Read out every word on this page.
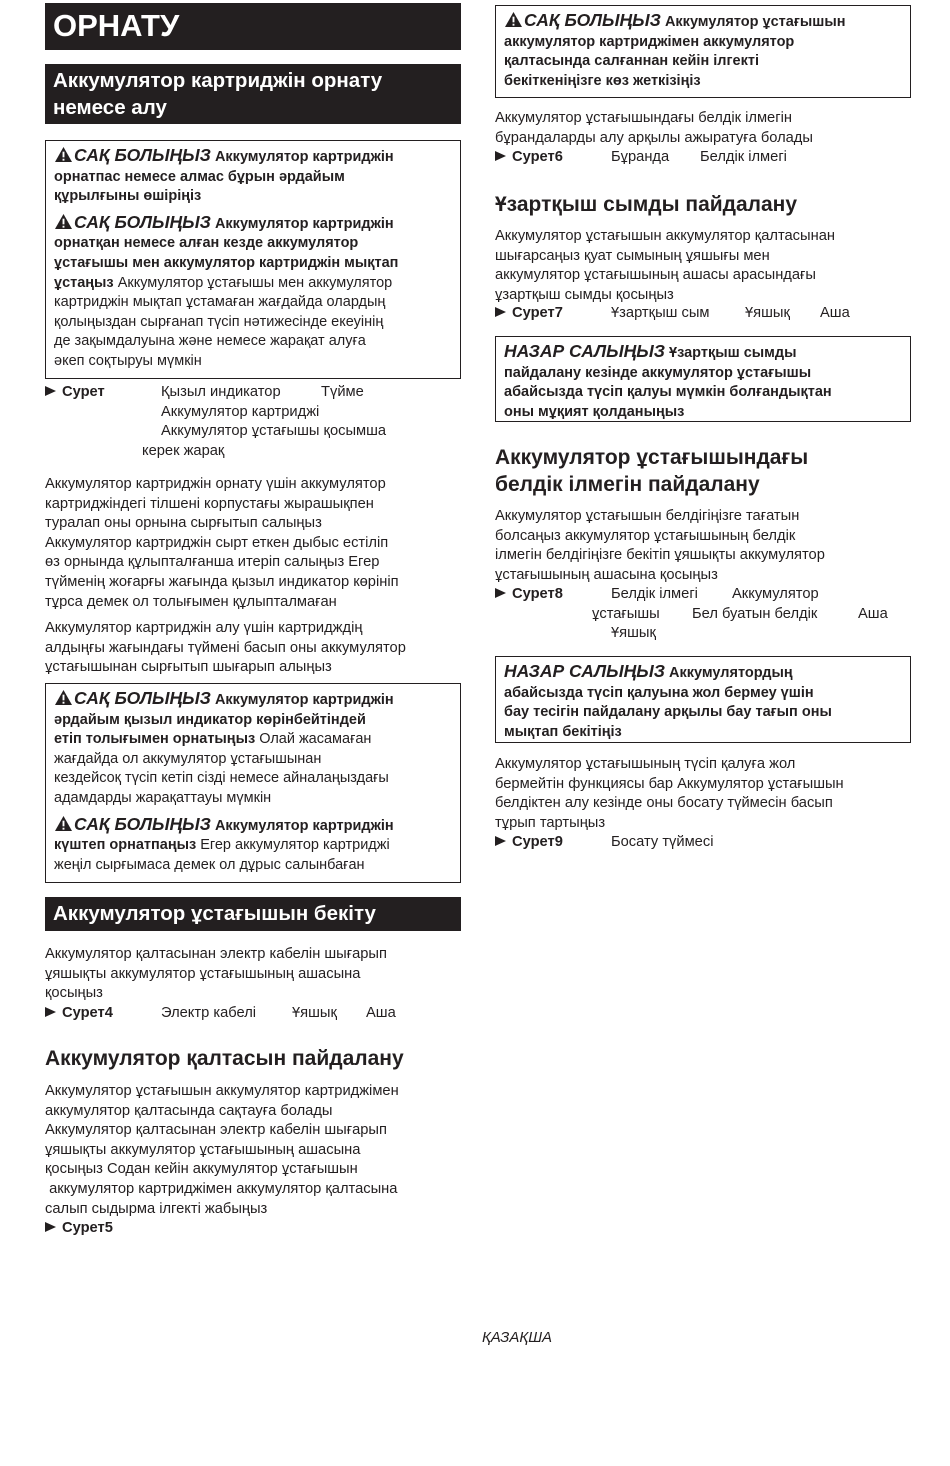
ОРНАТУ
Аккумулятор картриджін орнату
немесе алу

САҚ БОЛЫҢЫЗ Аккумулятор картриджін
орнатпас немесе алмас бұрын әрдайым
құрылғыны өшіріңіз

САҚ БОЛЫҢЫЗ Аккумулятор картриджін
орнатқан немесе алған кезде аккумулятор
ұстағышы мен аккумулятор картриджін мықтап
ұстаңыз Аккумулятор ұстағышы мен аккумулятор
картриджін мықтап ұстамаған жағдайда олардың
қолыңыздан сырғанап түсіп нәтижесінде екеуінің
де зақымдалуына және немесе жарақат алуға
әкеп соқтыруы мүмкін

Сурет	Қызыл индикатор	Түйме
Аккумулятор картриджі
Аккумулятор ұстағышы қосымша
керек жарақ
Аккумулятор картриджін орнату үшін аккумулятор
картриджіндегі тілшені корпустағы жырашықпен
туралап оны орнына сырғытып салыңыз
Аккумулятор картриджін сырт еткен дыбыс естіліп
өз орнында құлыпталғанша итеріп салыңыз Егер
түйменің жоғарғы жағында қызыл индикатор көрініп
тұрса демек ол толығымен құлыпталмаған
Аккумулятор картриджін алу үшін картридждің
алдыңғы жағындағы түймені басып оны аккумулятор
ұстағышынан сырғытып шығарып алыңыз

САҚ БОЛЫҢЫЗ Аккумулятор картриджін
әрдайым қызыл индикатор көрінбейтіндей
етіп толығымен орнатыңыз Олай жасамаған
жағдайда ол аккумулятор ұстағышынан
кездейсоқ түсіп кетіп сізді немесе айналаңыздағы
адамдарды жарақаттауы мүмкін

САҚ БОЛЫҢЫЗ Аккумулятор картриджін
күштеп орнатпаңыз Егер аккумулятор картриджі
жеңіл сырғымаса демек ол дұрыс салынбаған

Аккумулятор ұстағышын бекіту
Аккумулятор қалтасынан электр кабелін шығарып
ұяшықты аккумулятор ұстағышының ашасына
қосыңыз
Сурет4	Электр кабелі Ұяшық Аша
Аккумулятор қалтасын пайдалану
Аккумулятор ұстағышын аккумулятор картриджімен
аккумулятор қалтасында сақтауға болады
Аккумулятор қалтасынан электр кабелін шығарып
ұяшықты аккумулятор ұстағышының ашасына
қосыңыз Содан кейін аккумулятор ұстағышын
аккумулятор картриджімен аккумулятор қалтасына
салып сыдырма ілгекті жабыңыз
Сурет5

САҚ БОЛЫҢЫЗ Аккумулятор ұстағышын
аккумулятор картриджімен аккумулятор
қалтасында салғаннан кейін ілгекті
бекіткеніңізге көз жеткізіңіз

Аккумулятор ұстағышындағы белдік ілмегін
бұрандаларды алу арқылы ажыратуға болады
Сурет6	Бұранда Белдік ілмегі
Ұзартқыш сымды пайдалану
Аккумулятор ұстағышын аккумулятор қалтасынан
шығарсаңыз қуат сымының ұяшығы мен
аккумулятор ұстағышының ашасы арасындағы
ұзартқыш сымды қосыңыз
Сурет7	Ұзартқыш сым Ұяшық Аша

НАЗАР САЛЫҢЫЗ Ұзартқыш сымды
пайдалану кезінде аккумулятор ұстағышы
абайсызда түсіп қалуы мүмкін болғандықтан
оны мұқият қолданыңыз

Аккумулятор ұстағышындағы
белдік ілмегін пайдалану
Аккумулятор ұстағышын белдігіңізге тағатын
болсаңыз аккумулятор ұстағышының белдік
ілмегін белдігіңізге бекітіп ұяшықты аккумулятор
ұстағышының ашасына қосыңыз
Сурет8	Белдік ілмегі Аккумулятор
ұстағышы Бел буатын белдік	Аша
Ұяшық

НАЗАР САЛЫҢЫЗ Аккумулятордың
абайсызда түсіп қалуына жол бермеу үшін
бау тесігін пайдалану арқылы бау тағып оны
мықтап бекітіңіз

Аккумулятор ұстағышының түсіп қалуға жол
бермейтін функциясы бар Аккумулятор ұстағышын
белдіктен алу кезінде оны босату түймесін басып
тұрып тартыңыз
Сурет9	Босату түймесі
ҚАЗАҚША
